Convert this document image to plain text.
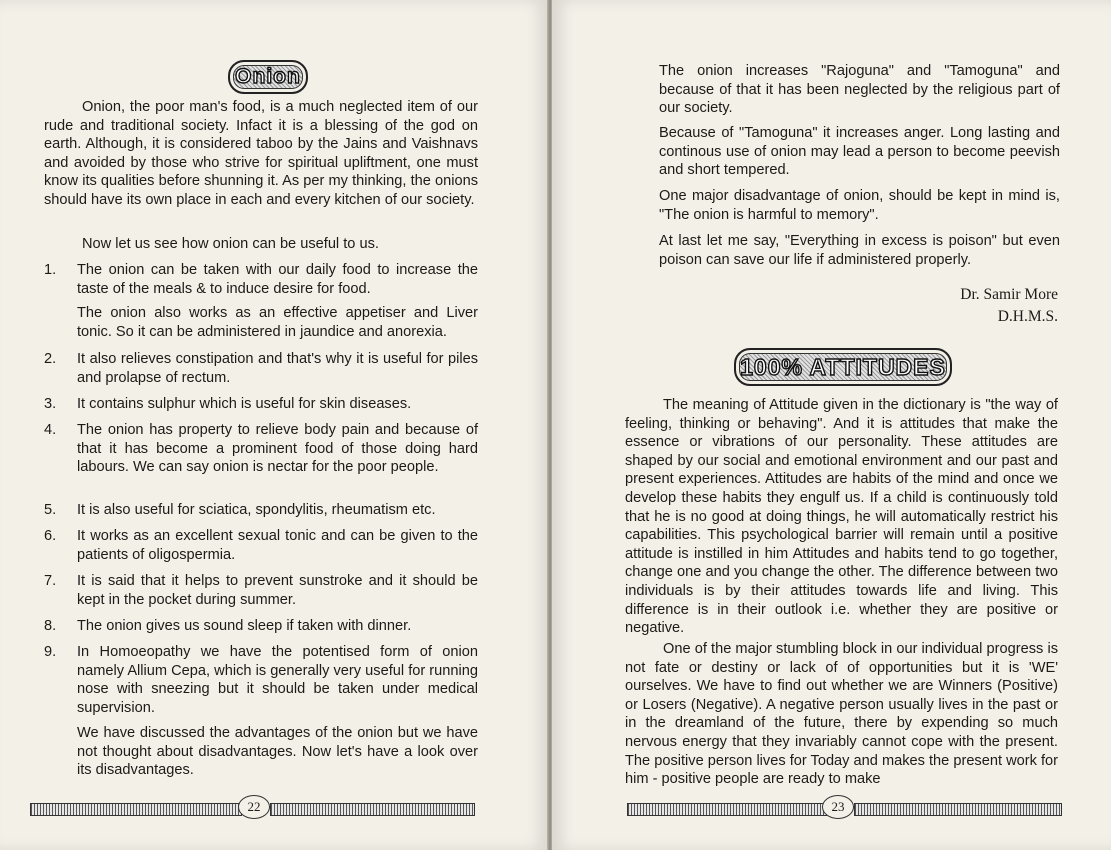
Onion
Onion, the poor man's food, is a much neglected item of our rude and traditional society. Infact it is a blessing of the god on earth. Although, it is considered taboo by the Jains and Vaishnavs and avoided by those who strive for spiritual upliftment, one must know its qualities before shunning it. As per my thinking, the onions should have its own place in each and every kitchen of our society.
Now let us see how onion can be useful to us.
1.	The onion can be taken with our daily food to increase the taste of the meals & to induce desire for food.
The onion also works as an effective appetiser and Liver tonic. So it can be administered in jaundice and anorexia.
2.	It also relieves constipation and that's why it is useful for piles and prolapse of rectum.
3.	It contains sulphur which is useful for skin diseases.
4.	The onion has property to relieve body pain and because of that it has become a prominent food of those doing hard labours. We can say onion is nectar for the poor people.
5.	It is also useful for sciatica, spondylitis, rheumatism etc.
6.	It works as an excellent sexual tonic and can be given to the patients of oligospermia.
7.	It is said that it helps to prevent sunstroke and it should be kept in the pocket during summer.
8.	The onion gives us sound sleep if taken with dinner.
9.	In Homoeopathy we have the potentised form of onion namely Allium Cepa, which is generally very useful for running nose with sneezing but it should be taken under medical supervision.
We have discussed the advantages of the onion but we have not thought about disadvantages. Now let's have a look over its disadvantages.
22
The onion increases "Rajoguna" and "Tamoguna" and because of that it has been neglected by the religious part of our society.
Because of "Tamoguna" it increases anger. Long lasting and continous use of onion may lead a person to become peevish and short tempered.
One major disadvantage of onion, should be kept in mind is, "The onion is harmful to memory".
At last let me say, "Everything in excess is poison" but even poison can save our life if administered properly.
Dr. Samir More
D.H.M.S.
100% ATTITUDES
The meaning of Attitude given in the dictionary is "the way of feeling, thinking or behaving". And it is attitudes that make the essence or vibrations of our personality. These attitudes are shaped by our social and emotional environment and our past and present experiences. Attitudes are habits of the mind and once we develop these habits they engulf us. If a child is continuously told that he is no good at doing things, he will automatically restrict his capabilities. This psychological barrier will remain until a positive attitude is instilled in him Attitudes and habits tend to go together, change one and you change the other. The difference between two individuals is by their attitudes towards life and living. This difference is in their outlook i.e. whether they are positive or negative.
One of the major stumbling block in our individual progress is not fate or destiny or lack of of opportunities but it is 'WE' ourselves. We have to find out whether we are Winners (Positive) or Losers (Negative). A negative person usually lives in the past or in the dreamland of the future, there by expending so much nervous energy that they invariably cannot cope with the present. The positive person lives for Today and makes the present work for him - positive people are ready to make
23
